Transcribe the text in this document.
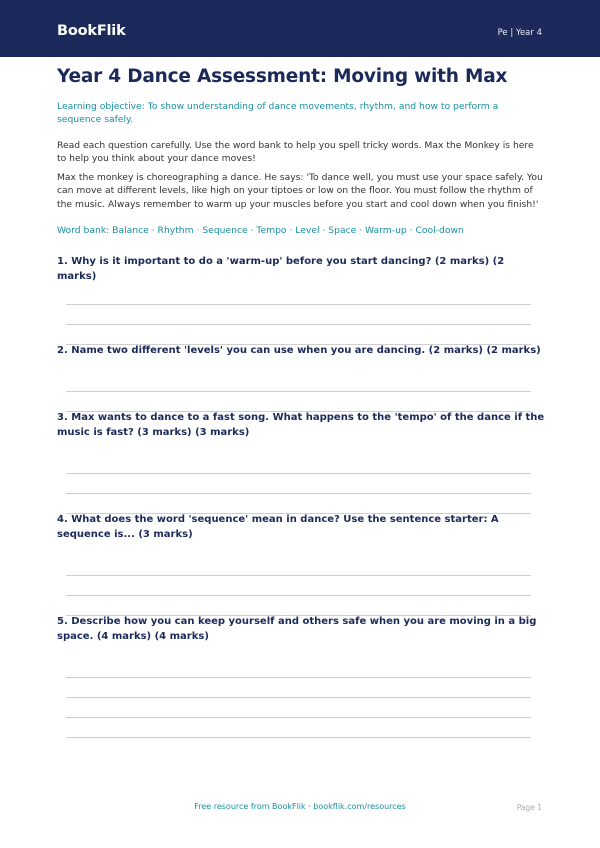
BookFlik	Pe | Year 4
Year 4 Dance Assessment: Moving with Max

Learning objective: To show understanding of dance movements, rhythm, and how to perform a sequence safely.

Read each question carefully. Use the word bank to help you spell tricky words. Max the Monkey is here to help you think about your dance moves!

Max the monkey is choreographing a dance. He says: 'To dance well, you must use your space safely. You can move at different levels, like high on your tiptoes or low on the floor. You must follow the rhythm of the music. Always remember to warm up your muscles before you start and cool down when you finish!'

Word bank: Balance · Rhythm · Sequence · Tempo · Level · Space · Warm-up · Cool-down

1. Why is it important to do a 'warm-up' before you start dancing? (2 marks) (2 marks)

2. Name two different 'levels' you can use when you are dancing. (2 marks) (2 marks)

3. Max wants to dance to a fast song. What happens to the 'tempo' of the dance if the music is fast? (3 marks) (3 marks)

4. What does the word 'sequence' mean in dance? Use the sentence starter: A sequence is... (3 marks)

5. Describe how you can keep yourself and others safe when you are moving in a big space. (4 marks) (4 marks)

Free resource from BookFlik · bookflik.com/resources	Page 1
